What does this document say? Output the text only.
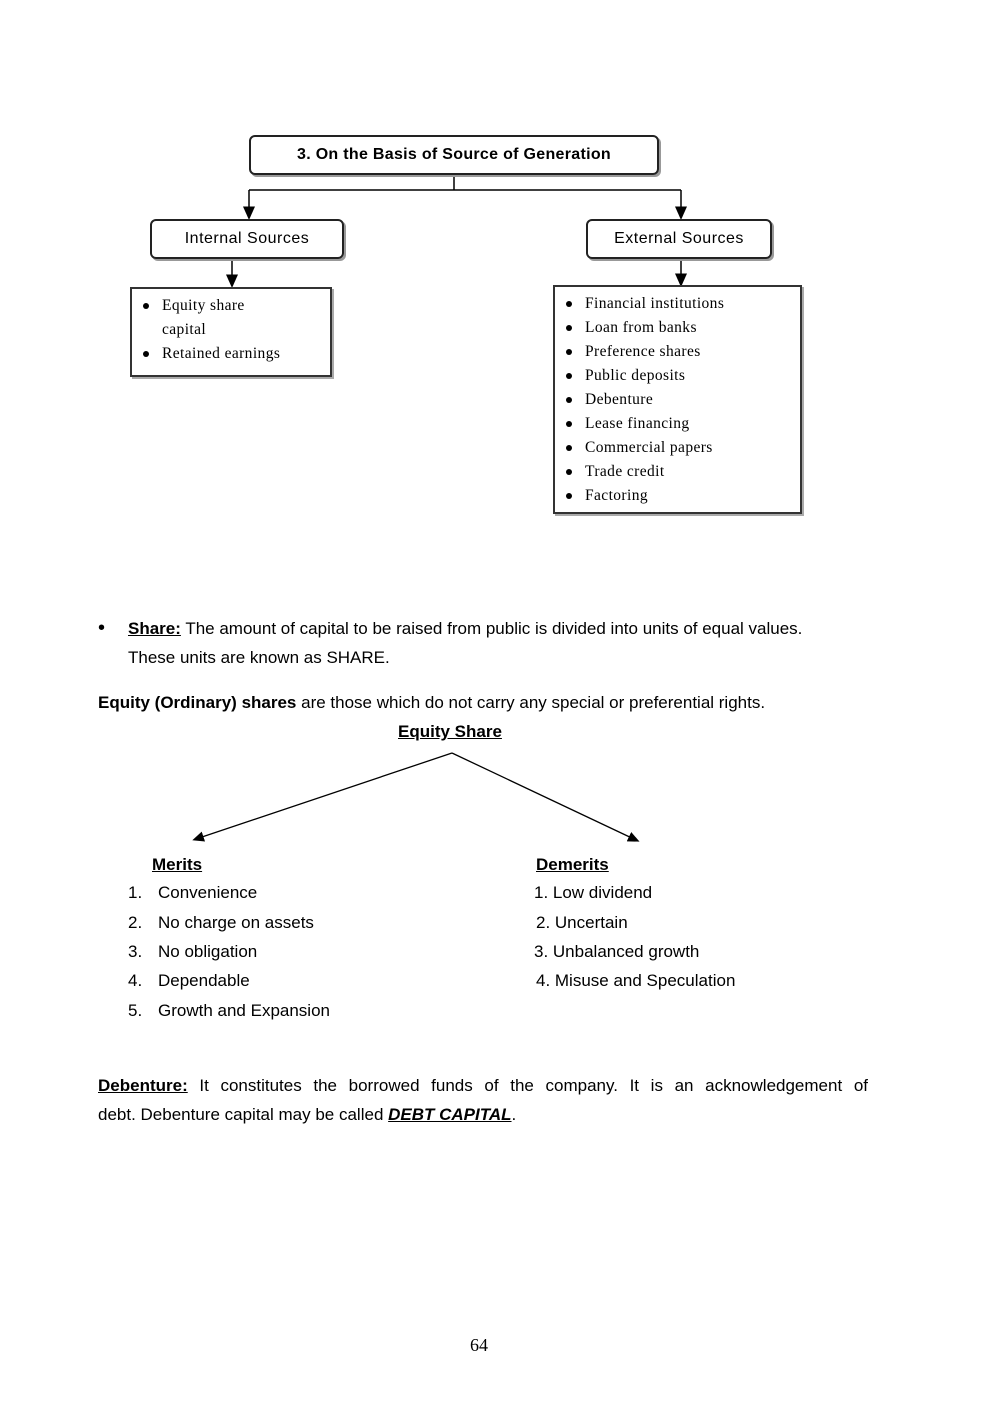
3. On the Basis of Source of Generation
Internal Sources	External Sources
Equity share capital
Retained earnings
Financial institutions
Loan from banks
Preference shares
Public deposits
Debenture
Lease financing
Commercial papers
Trade credit
Factoring
• Share: The amount of capital to be raised from public is divided into units of equal values.
These units are known as SHARE.
Equity (Ordinary) shares are those which do not carry any special or preferential rights.
Equity Share
Merits	Demerits
1. Convenience
2. No charge on assets
3. No obligation
4. Dependable
5. Growth and Expansion
1. Low dividend
2. Uncertain
3. Unbalanced growth
4. Misuse and Speculation
Debenture: It constitutes the borrowed funds of the company. It is an acknowledgement of
debt. Debenture capital may be called DEBT CAPITAL.
64
